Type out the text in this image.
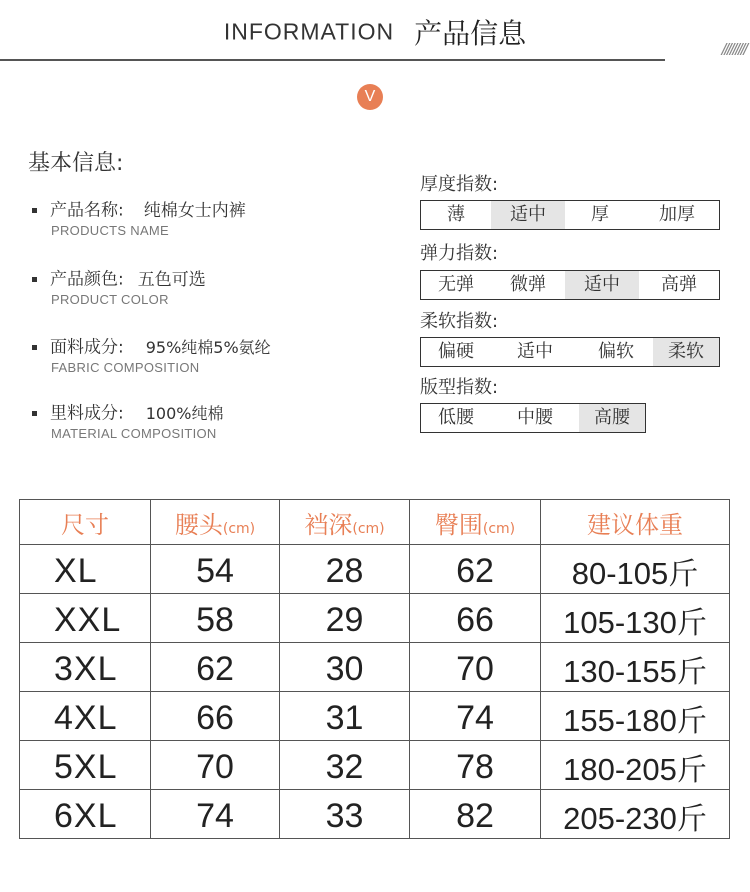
INFORMATION 产品信息	/////////
V
基本信息:
产品名称: 纯棉女士内裤
PRODUCTS NAME
产品颜色: 五色可选
PRODUCT COLOR
面料成分: 95%纯棉5%氨纶
FABRIC COMPOSITION
里料成分: 100%纯棉
MATERIAL COMPOSITION
厚度指数:
薄	适中	厚	加厚
弹力指数:
无弹	微弹	适中	高弹
柔软指数:
偏硬	适中	偏软	柔软
版型指数:
低腰	中腰	高腰
尺寸	腰头(cm)	裆深(cm)	臀围(cm)	建议体重
XL	54	28	62	80-105斤
XXL	58	29	66	105-130斤
3XL	62	30	70	130-155斤
4XL	66	31	74	155-180斤
5XL	70	32	78	180-205斤
6XL	74	33	82	205-230斤
